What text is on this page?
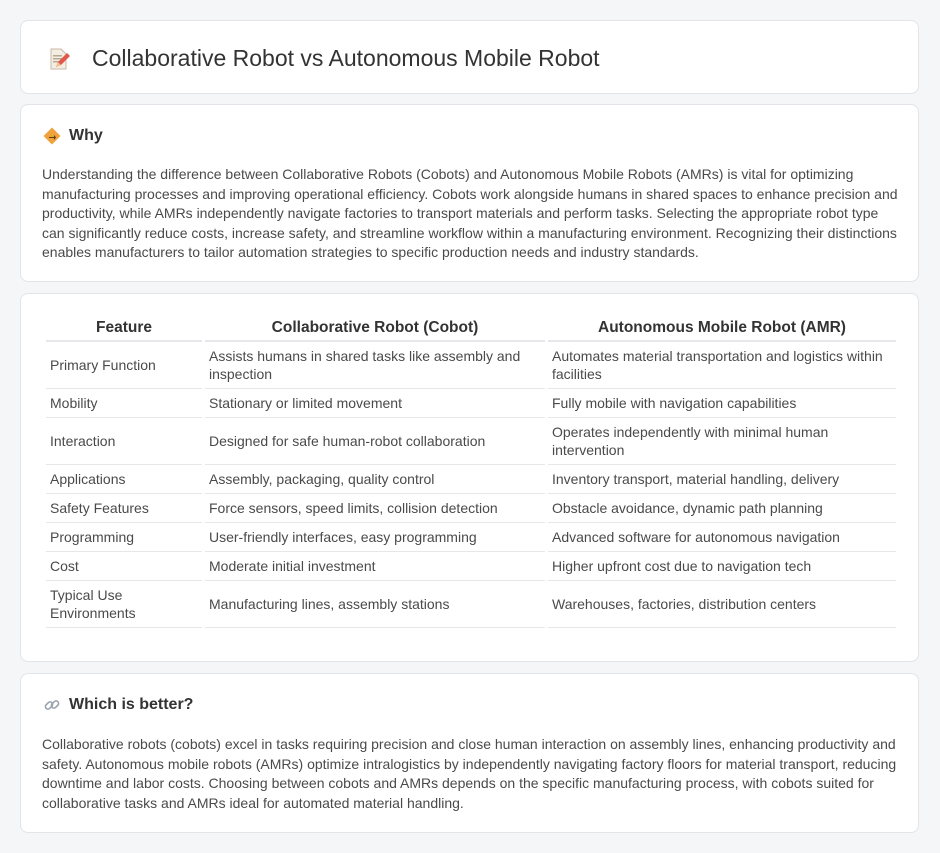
Collaborative Robot vs Autonomous Mobile Robot
Why

Understanding the difference between Collaborative Robots (Cobots) and Autonomous Mobile Robots (AMRs) is vital for optimizing manufacturing processes and improving operational efficiency. Cobots work alongside humans in shared spaces to enhance precision and productivity, while AMRs independently navigate factories to transport materials and perform tasks. Selecting the appropriate robot type can significantly reduce costs, increase safety, and streamline workflow within a manufacturing environment. Recognizing their distinctions enables manufacturers to tailor automation strategies to specific production needs and industry standards.

Feature	Collaborative Robot (Cobot)	Autonomous Mobile Robot (AMR)
Primary Function	Assists humans in shared tasks like assembly and inspection	Automates material transportation and logistics within facilities
Mobility	Stationary or limited movement	Fully mobile with navigation capabilities
Interaction	Designed for safe human-robot collaboration	Operates independently with minimal human intervention
Applications	Assembly, packaging, quality control	Inventory transport, material handling, delivery
Safety Features	Force sensors, speed limits, collision detection	Obstacle avoidance, dynamic path planning
Programming	User-friendly interfaces, easy programming	Advanced software for autonomous navigation
Cost	Moderate initial investment	Higher upfront cost due to navigation tech
Typical Use Environments	Manufacturing lines, assembly stations	Warehouses, factories, distribution centers
Which is better?

Collaborative robots (cobots) excel in tasks requiring precision and close human interaction on assembly lines, enhancing productivity and safety. Autonomous mobile robots (AMRs) optimize intralogistics by independently navigating factory floors for material transport, reducing downtime and labor costs. Choosing between cobots and AMRs depends on the specific manufacturing process, with cobots suited for collaborative tasks and AMRs ideal for automated material handling.
